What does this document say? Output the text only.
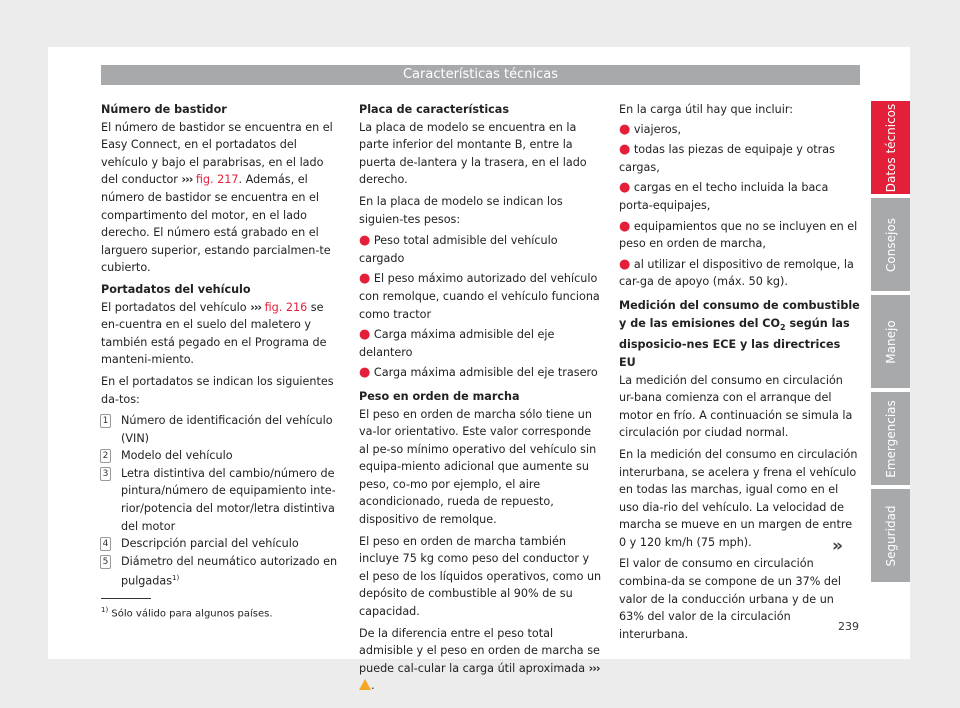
Características técnicas

Número de bastidor

El número de bastidor se encuentra en el Easy Connect, en el portadatos del vehículo y bajo el parabrisas, en el lado del conductor ››› fig. 217. Además, el número de bastidor se encuentra en el compartimento del motor, en el lado derecho. El número está grabado en el larguero superior, estando parcialmen-te cubierto.

Portadatos del vehículo

El portadatos del vehículo ››› fig. 216 se en-cuentra en el suelo del maletero y también está pegado en el Programa de manteni-miento.

En el portadatos se indican los siguientes da-tos:

1 Número de identificación del vehículo (VIN)

2 Modelo del vehículo

3 Letra distintiva del cambio/número de pintura/número de equipamiento inte-rior/potencia del motor/letra distintiva del motor

4 Descripción parcial del vehículo

5 Diámetro del neumático autorizado en pulgadas$^{1)}$

Placa de características

La placa de modelo se encuentra en la parte inferior del montante B, entre la puerta de-lantera y la trasera, en el lado derecho.

En la placa de modelo se indican los siguien-tes pesos:

● Peso total admisible del vehículo cargado

● El peso máximo autorizado del vehículo con remolque, cuando el vehículo funciona como tractor

● Carga máxima admisible del eje delantero

● Carga máxima admisible del eje trasero

Peso en orden de marcha

El peso en orden de marcha sólo tiene un va-lor orientativo. Este valor corresponde al pe-so mínimo operativo del vehículo sin equipa-miento adicional que aumente su peso, co-mo por ejemplo, el aire acondicionado, rueda de repuesto, dispositivo de remolque.

El peso en orden de marcha también incluye 75 kg como peso del conductor y el peso de los líquidos operativos, como un depósito de combustible al 90% de su capacidad.

De la diferencia entre el peso total admisible y el peso en orden de marcha se puede cal-cular la carga útil aproximada ››› .

En la carga útil hay que incluir:

● viajeros,

● todas las piezas de equipaje y otras cargas,

● cargas en el techo incluida la baca porta-equipajes,

● equipamientos que no se incluyen en el peso en orden de marcha,

● al utilizar el dispositivo de remolque, la car-ga de apoyo (máx. 50 kg).

Medición del consumo de combustible y de las emisiones del $CO_2$ según las disposicio-nes ECE y las directrices EU

La medición del consumo en circulación ur-bana comienza con el arranque del motor en frío. A continuación se simula la circulación por ciudad normal.

En la medición del consumo en circulación interurbana, se acelera y frena el vehículo en todas las marchas, igual como en el uso dia-rio del vehículo. La velocidad de marcha se mueve en un margen de entre 0 y 120 km/h (75 mph).

El valor de consumo en circulación combina-da se compone de un 37% del valor de la conducción urbana y de un 63% del valor de la circulación interurbana.

»
Datos técnicos
Consejos
Manejo
Emergencias
Seguridad
$^{1)}$ Sólo válido para algunos países.
239
